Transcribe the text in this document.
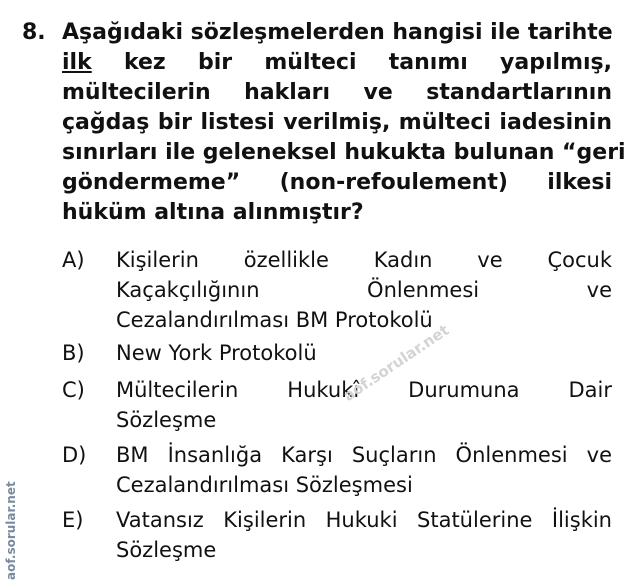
8. Aşağıdaki sözleşmelerden hangisi ile tarihte
ilk kez bir mülteci tanımı yapılmış,
mültecilerin hakları ve standartlarının
çağdaş bir listesi verilmiş, mülteci iadesinin
sınırları ile geleneksel hukukta bulunan “geri
göndermeme” (non-refoulement) ilkesi
hüküm altına alınmıştır?
A) Kişilerin özellikle Kadın ve Çocuk
Kaçakçılığının Önlenmesi ve
Cezalandırılması BM Protokolü
B) New York Protokolü
C) Mültecilerin Hukukî Durumuna Dair
Sözleşme
D) BM İnsanlığa Karşı Suçların Önlenmesi ve
Cezalandırılması Sözleşmesi
E) Vatansız Kişilerin Hukuki Statülerine İlişkin
Sözleşme
aof.sorular.net
aof.sorular.net
